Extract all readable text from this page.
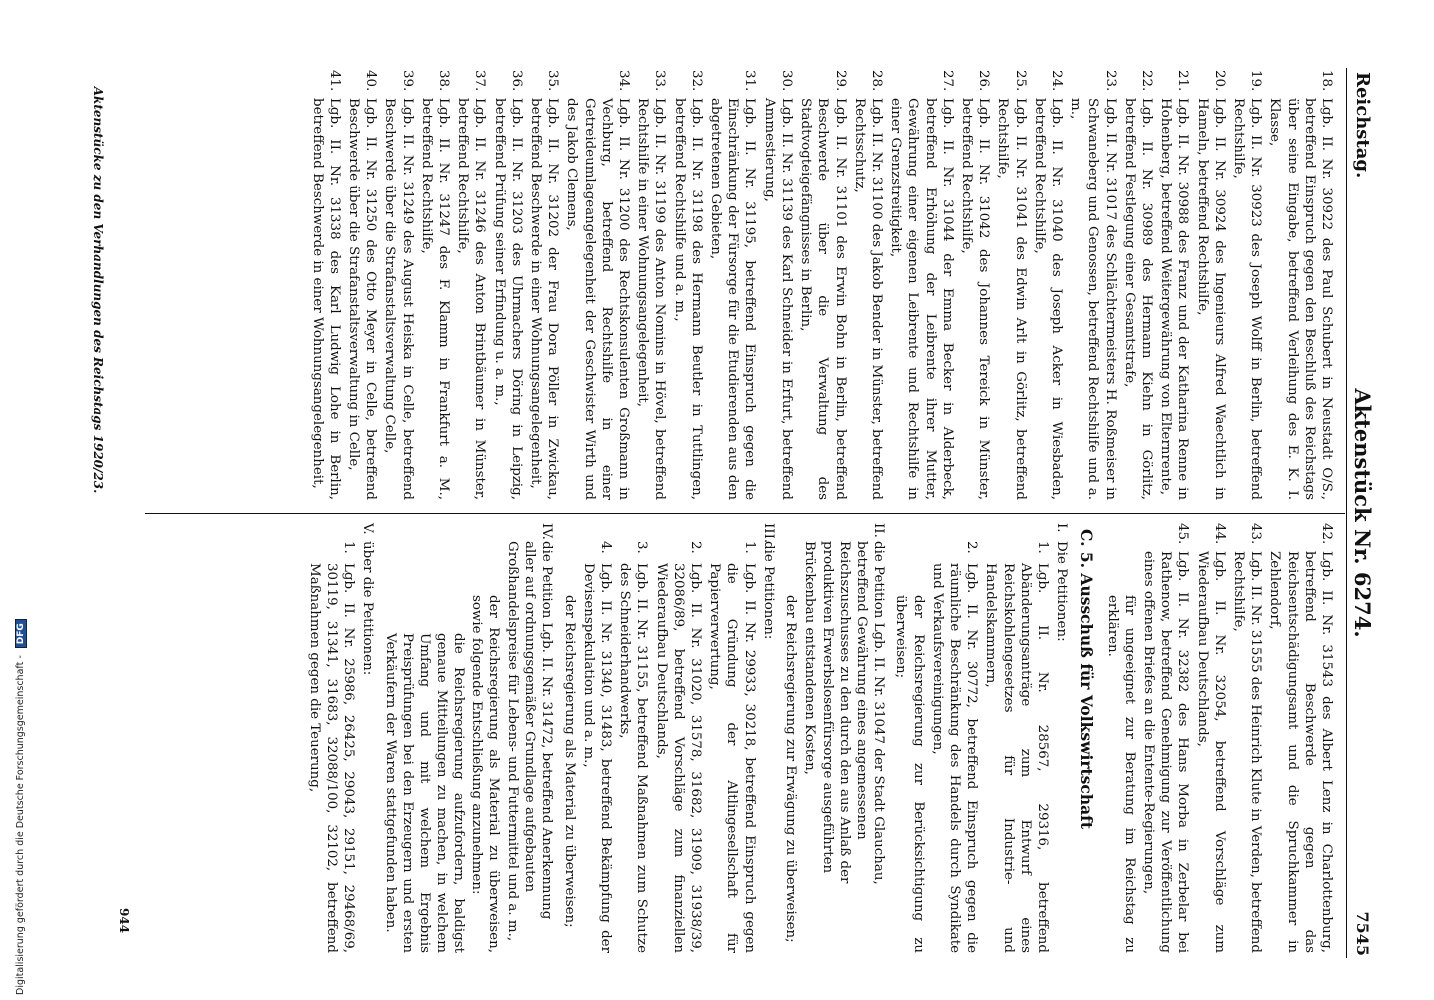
Reichstag.
Aktenstück Nr. 6274.
7545
18.
Lgb. II. Nr. 30922 des Paul Schubert in Neustadt O/S., betreffend Einspruch gegen den Beschluß des Reichstags über seine Eingabe, betreffend Verleihung des E. K. I. Klasse,
19.
Lgb. II. Nr. 30923 des Joseph Wolff in Berlin, betreffend Rechtshilfe,
20.
Lgb. II. Nr. 30924 des Ingenieurs Alfred Waechtlich in Hameln, betreffend Rechtshilfe,
21.
Lgb. II. Nr. 30988 des Franz und der Katharina Renne in Hohenberg, betreffend Weitergewährung von Elternrente,
22.
Lgb. II. Nr. 30989 des Hermann Kiehn in Görlitz, betreffend Festlegung einer Gesamtstrafe,
23.
Lgb. II. Nr. 31017 des Schlächtermeisters H. Roßmeiser in Schwaneberg und Genossen, betreffend Rechtshilfe und a. m.,
24.
Lgb. II. Nr. 31040 des Joseph Acker in Wiesbaden, betreffend Rechtshilfe,
25.
Lgb. II. Nr. 31041 des Edwin Arlt in Görlitz, betreffend Rechtshilfe,
26.
Lgb. II. Nr. 31042 des Johannes Tereick in Münster, betreffend Rechtshilfe,
27.
Lgb. II. Nr. 31044 der Emma Becker in Alderbeck, betreffend Erhöhung der Leibrente ihrer Mutter, Gewährung einer eigenen Leibrente und Rechtshilfe in einer Grenzstreitigkeit,
28.
Lgb. II. Nr. 31100 des Jakob Bender in Münster, betreffend Rechtsschutz,
29.
Lgb. II. Nr. 31101 des Erwin Bohn in Berlin, betreffend Beschwerde über die Verwaltung des Stadtvogteigefängnisses in Berlin,
30.
Lgb. II. Nr. 31139 des Karl Schneider in Erfurt, betreffend Ammestierung,
31.
Lgb. II. Nr. 31195, betreffend Einspruch gegen die Einschränkung der Fürsorge für die Etudierenden aus den abgetretenen Gebieten,
32.
Lgb. II. Nr. 31198 des Hermann Beutler in Tuttlingen, betreffend Rechtshilfe und a. m.,
33.
Lgb. II. Nr. 31199 des Anton Nomins in Hövel, betreffend Rechtshilfe in einer Wohnungsangelegenheit,
34.
Lgb. II. Nr. 31200 des Rechtskonsulenten Großmann in Vechburg, betreffend Rechtshilfe in einer Getreideumlageangelegenheit der Geschwister Wirth und des Jakob Clemens,
35.
Lgb. II. Nr. 31202 der Frau Dora Pöller in Zwickau, betreffend Beschwerde in einer Wohnungsangelegenheit,
36.
Lgb. II. Nr. 31203 des Uhrmachers Döring in Leipzig, betreffend Prüfung seiner Erfindung u. a. m.,
37.
Lgb. II. Nr. 31246 des Anton Brintbäumer in Münster, betreffend Rechtshilfe,
38.
Lgb. II. Nr. 31247 des F. Klamm in Frankfurt a. M., betreffend Rechtshilfe,
39.
Lgb. II. Nr. 31249 des August Heiska in Celle, betreffend Beschwerde über die Strafanstaltsverwaltung Celle,
40.
Lgb. II. Nr. 31250 des Otto Meyer in Celle, betreffend Beschwerde über die Strafanstaltsverwaltung in Celle,
41.
Lgb. II. Nr. 31338 des Karl Ludwig Lohe in Berlin, betreffend Beschwerde in einer Wohnungsangelegenheit,
42.
Lgb. II. Nr. 31543 des Albert Lenz in Charlottenburg, betreffend Beschwerde gegen das Reichsentschädigungsamt und die Spruchkammer in Zehlendorf,
43.
Lgb. II. Nr. 31555 des Heinrich Klute in Verden, betreffend Rechtshilfe,
44.
Lgb. II. Nr. 32054, betreffend Vorschläge zum Wiederaufbau Deutschlands,
45.
Lgb. II. Nr. 32382 des Hans Morba in Zerbelar bei Rathenow, betreffend Genehmigung zur Veröffentlichung eines offenen Briefes an die Entente-Regierungen,
für ungeeignet zur Beratung im Reichstag zu erklären.
C. 5. Ausschuß für Volkswirtschaft
I.
Die Petitionen:
1.
Lgb. II. Nr. 28567, 29316, betreffend Abänderungsanträge zum Entwurf eines Reichskohlengesetzes für Industrie- und Handelskammern,
2.
Lgb. II. Nr. 30772, betreffend Einspruch gegen die räumliche Beschränkung des Handels durch Syndikate und Verkaufsvereinigungen,
der Reichsregierung zur Berücksichtigung zu überweisen;
II.
die Petition Lgb. II. Nr. 31047 der Stadt Glauchau, betreffend Gewährung eines angemessenen Reichszuschusses zu den durch den aus Anlaß der produktiven Erwerbslosenfürsorge ausgeführten Brückenbau entstandenen Kosten,
der Reichsregierung zur Erwägung zu überweisen;
III.
die Petitionen:
1.
Lgb. II. Nr. 29933, 30218, betreffend Einspruch gegen die Gründung der Altlingesellschaft für Papierverwertung,
2.
Lgb. II. Nr. 31020, 31578, 31682, 31909, 31938/39, 32086/89, betreffend Vorschläge zum finanziellen Wiederaufbau Deutschlands,
3.
Lgb. II. Nr. 31155, betreffend Maßnahmen zum Schutze des Schneiderhandwerks,
4.
Lgb. II. Nr. 31340, 31483, betreffend Bekämpfung der Devisenspekulation und a. m.,
der Reichsregierung als Material zu überweisen;
IV.
die Petition Lgb. II. Nr. 31472, betreffend Anerkennung aller auf ordnungsgemäßer Grundlage aufgebauten Großhandelspreise für Lebens- und Futtermittel und a. m.,
der Reichsregierung als Material zu überweisen, sowie folgende Entschließung anzunehmen:
die Reichsregierung aufzufordern, baldigst genaue Mitteilungen zu machen, in welchem Umfang und mit welchem Ergebnis Preisprüfungen bei den Erzeugern und ersten Verkäufern der Waren stattgefunden haben.
V.
über die Petitionen:
1.
Lgb. II. Nr. 25986, 26425, 29043, 29151, 29468/69, 30119, 31341, 31683, 32088/100, 32102, betreffend Maßnahmen gegen die Teuerung,
Aktenstücke zu den Verhandlungen des Reichstags 1920/23.
944
Digitalisierung gefördert durch die Deutsche Forschungsgemeinschaft - DFG
